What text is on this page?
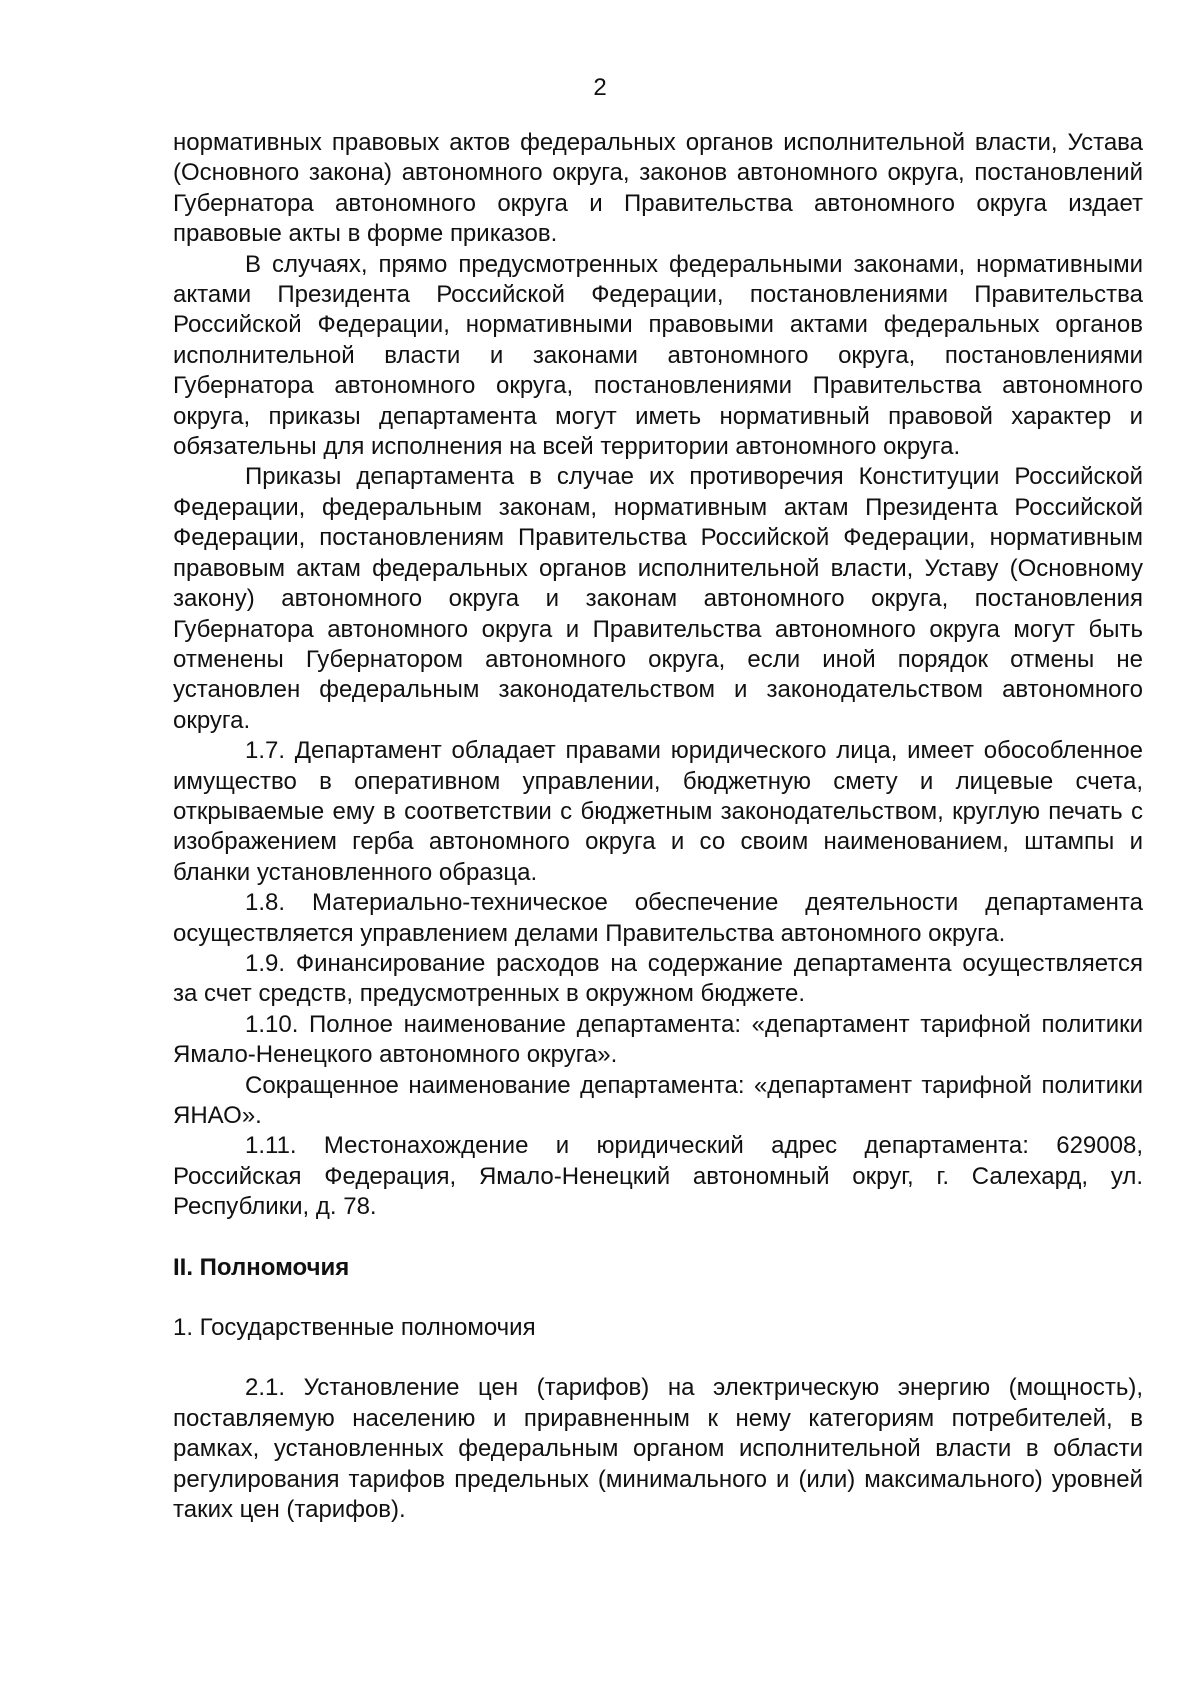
2

нормативных правовых актов федеральных органов исполнительной власти, Устава (Основного закона) автономного округа, законов автономного округа, постановлений Губернатора автономного округа и Правительства автономного округа издает правовые акты в форме приказов.

В случаях, прямо предусмотренных федеральными законами, нормативными актами Президента Российской Федерации, постановлениями Правительства Российской Федерации, нормативными правовыми актами федеральных органов исполнительной власти и законами автономного округа, постановлениями Губернатора автономного округа, постановлениями Правительства автономного округа, приказы департамента могут иметь нормативный правовой характер и обязательны для исполнения на всей территории автономного округа.

Приказы департамента в случае их противоречия Конституции Российской Федерации, федеральным законам, нормативным актам Президента Российской Федерации, постановлениям Правительства Российской Федерации, нормативным правовым актам федеральных органов исполнительной власти, Уставу (Основному закону) автономного округа и законам автономного округа, постановления Губернатора автономного округа и Правительства автономного округа могут быть отменены Губернатором автономного округа, если иной порядок отмены не установлен федеральным законодательством и законодательством автономного округа.

1.7. Департамент обладает правами юридического лица, имеет обособленное имущество в оперативном управлении, бюджетную смету и лицевые счета, открываемые ему в соответствии с бюджетным законодательством, круглую печать с изображением герба автономного округа и со своим наименованием, штампы и бланки установленного образца.

1.8. Материально-техническое обеспечение деятельности департамента осуществляется управлением делами Правительства автономного округа.

1.9. Финансирование расходов на содержание департамента осуществляется за счет средств, предусмотренных в окружном бюджете.

1.10. Полное наименование департамента: «департамент тарифной политики Ямало-Ненецкого автономного округа».

Сокращенное наименование департамента: «департамент тарифной политики ЯНАО».

1.11. Местонахождение и юридический адрес департамента: 629008, Российская Федерация, Ямало-Ненецкий автономный округ, г. Салехард, ул. Республики, д. 78.

II. Полномочия

1. Государственные полномочия

2.1. Установление цен (тарифов) на электрическую энергию (мощность), поставляемую населению и приравненным к нему категориям потребителей, в рамках, установленных федеральным органом исполнительной власти в области регулирования тарифов предельных (минимального и (или) максимального) уровней таких цен (тарифов).
